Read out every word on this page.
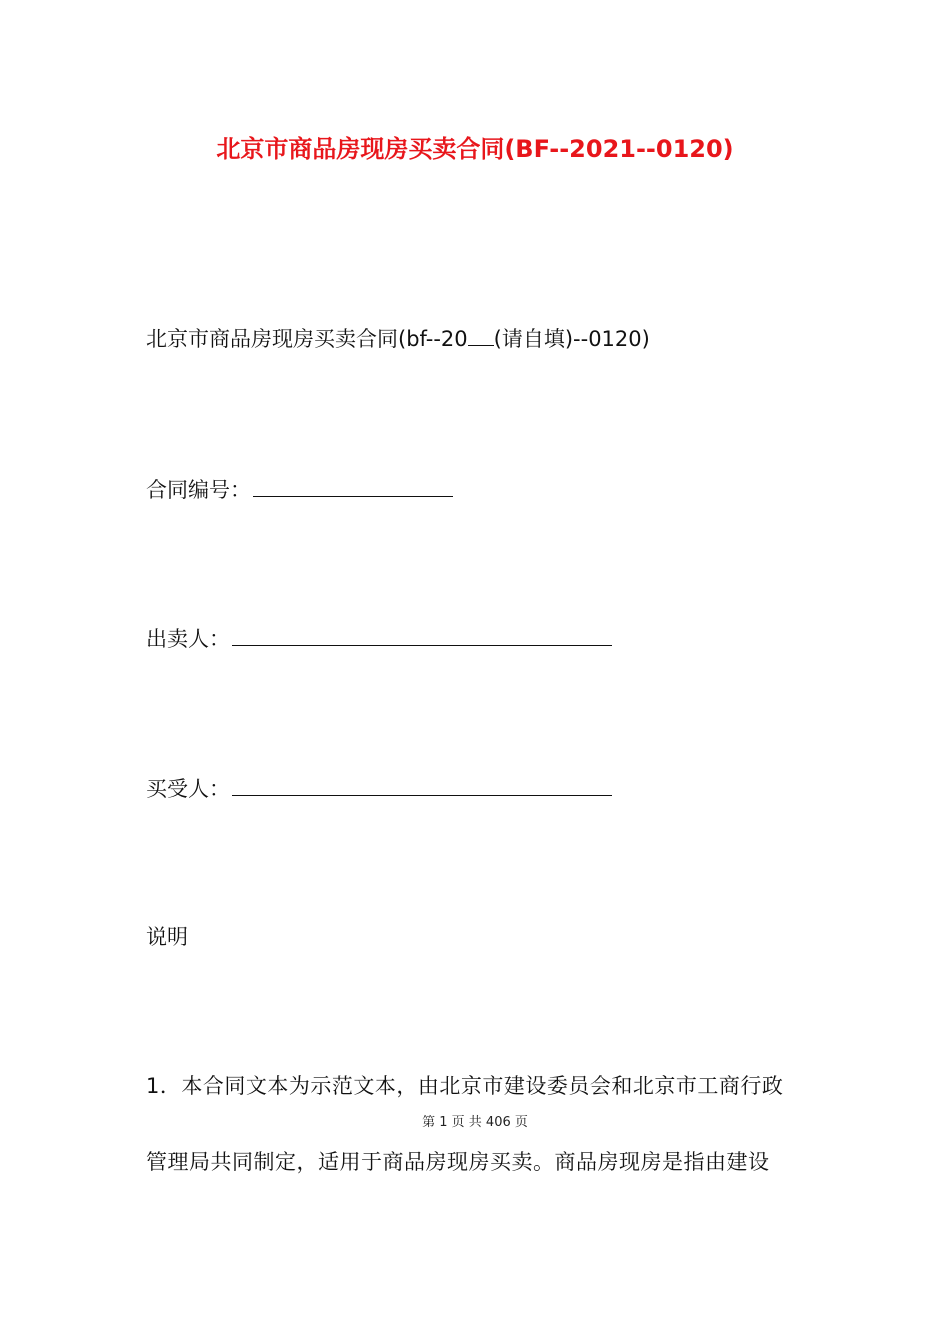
北京市商品房现房买卖合同(BF--2021--0120)
北京市商品房现房买卖合同(bf--20 (请自填)--0120)
合同编号：
出卖人：
买受人：
说明
1．本合同文本为示范文本，由北京市建设委员会和北京市工商行政
第 1 页 共 406 页
管理局共同制定，适用于商品房现房买卖。商品房现房是指由建设
